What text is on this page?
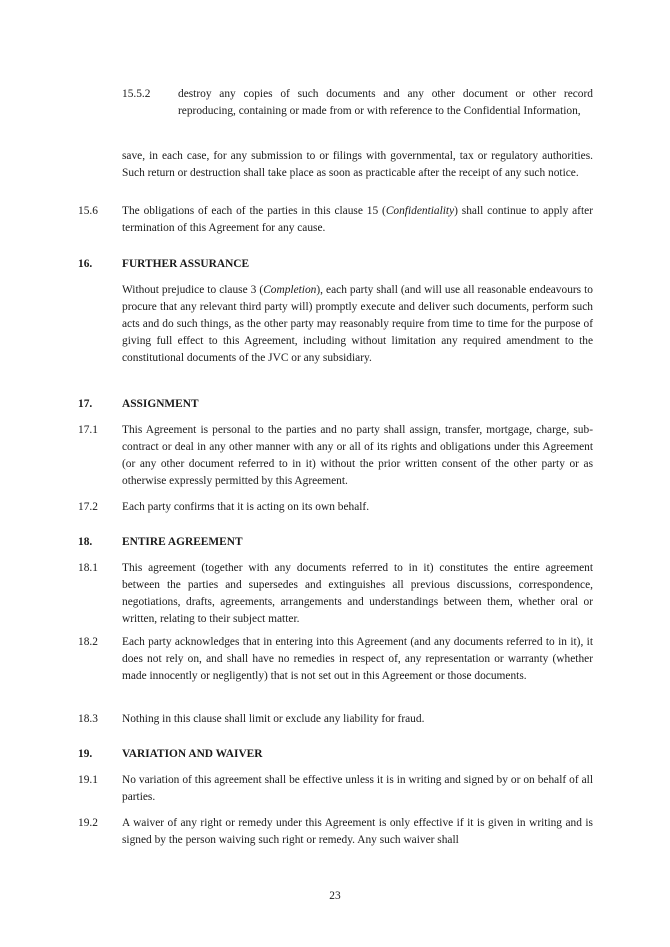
15.5.2 destroy any copies of such documents and any other document or other record reproducing, containing or made from or with reference to the Confidential Information,
save, in each case, for any submission to or filings with governmental, tax or regulatory authorities. Such return or destruction shall take place as soon as practicable after the receipt of any such notice.
15.6 The obligations of each of the parties in this clause 15 (Confidentiality) shall continue to apply after termination of this Agreement for any cause.
16.	FURTHER ASSURANCE
Without prejudice to clause 3 (Completion), each party shall (and will use all reasonable endeavours to procure that any relevant third party will) promptly execute and deliver such documents, perform such acts and do such things, as the other party may reasonably require from time to time for the purpose of giving full effect to this Agreement, including without limitation any required amendment to the constitutional documents of the JVC or any subsidiary.
17.	ASSIGNMENT
17.1 This Agreement is personal to the parties and no party shall assign, transfer, mortgage, charge, sub-contract or deal in any other manner with any or all of its rights and obligations under this Agreement (or any other document referred to in it) without the prior written consent of the other party or as otherwise expressly permitted by this Agreement.
17.2 Each party confirms that it is acting on its own behalf.
18.	ENTIRE AGREEMENT
18.1 This agreement (together with any documents referred to in it) constitutes the entire agreement between the parties and supersedes and extinguishes all previous discussions, correspondence, negotiations, drafts, agreements, arrangements and understandings between them, whether oral or written, relating to their subject matter.
18.2 Each party acknowledges that in entering into this Agreement (and any documents referred to in it), it does not rely on, and shall have no remedies in respect of, any representation or warranty (whether made innocently or negligently) that is not set out in this Agreement or those documents.
18.3 Nothing in this clause shall limit or exclude any liability for fraud.
19.	VARIATION AND WAIVER
19.1 No variation of this agreement shall be effective unless it is in writing and signed by or on behalf of all parties.
19.2 A waiver of any right or remedy under this Agreement is only effective if it is given in writing and is signed by the person waiving such right or remedy. Any such waiver shall
23
